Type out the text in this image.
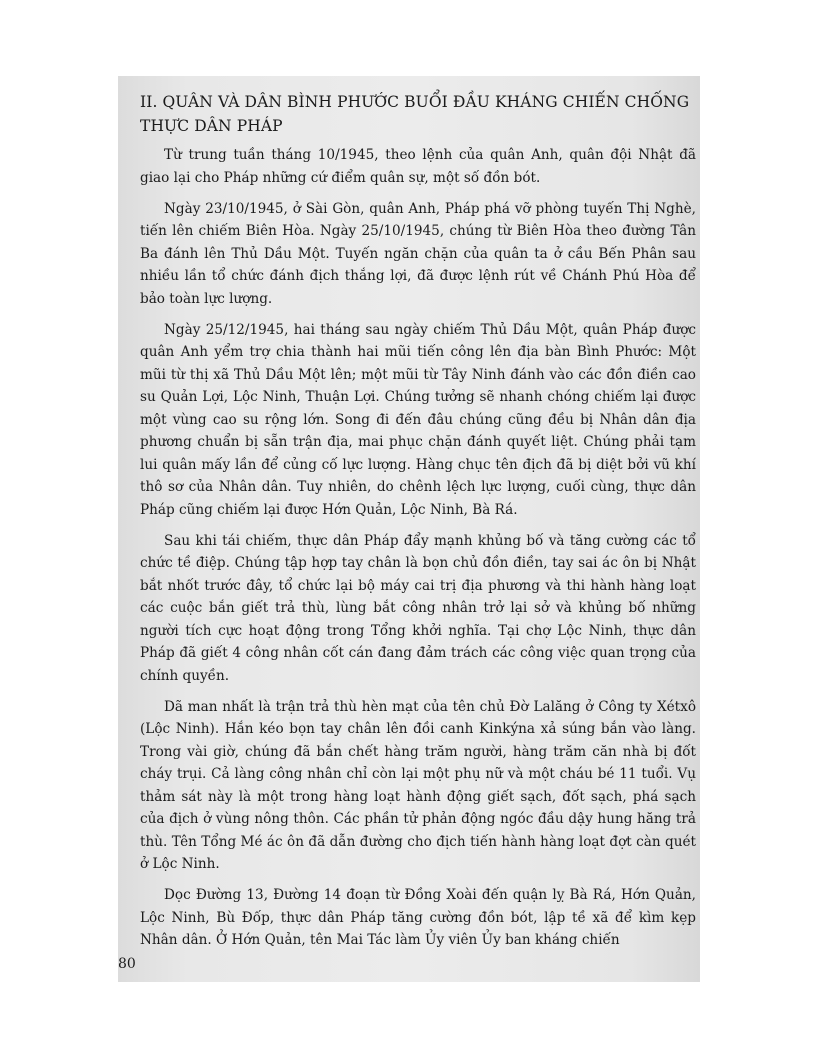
II. QUÂN VÀ DÂN BÌNH PHƯỚC BUỔI ĐẦU KHÁNG CHIẾN CHỐNG THỰC DÂN PHÁP

Từ trung tuần tháng 10/1945, theo lệnh của quân Anh, quân đội Nhật đã giao lại cho Pháp những cứ điểm quân sự, một số đồn bót.

Ngày 23/10/1945, ở Sài Gòn, quân Anh, Pháp phá vỡ phòng tuyến Thị Nghè, tiến lên chiếm Biên Hòa. Ngày 25/10/1945, chúng từ Biên Hòa theo đường Tân Ba đánh lên Thủ Dầu Một. Tuyến ngăn chặn của quân ta ở cầu Bến Phân sau nhiều lần tổ chức đánh địch thắng lợi, đã được lệnh rút về Chánh Phú Hòa để bảo toàn lực lượng.

Ngày 25/12/1945, hai tháng sau ngày chiếm Thủ Dầu Một, quân Pháp được quân Anh yểm trợ chia thành hai mũi tiến công lên địa bàn Bình Phước: Một mũi từ thị xã Thủ Dầu Một lên; một mũi từ Tây Ninh đánh vào các đồn điền cao su Quản Lợi, Lộc Ninh, Thuận Lợi. Chúng tưởng sẽ nhanh chóng chiếm lại được một vùng cao su rộng lớn. Song đi đến đâu chúng cũng đều bị Nhân dân địa phương chuẩn bị sẵn trận địa, mai phục chặn đánh quyết liệt. Chúng phải tạm lui quân mấy lần để củng cố lực lượng. Hàng chục tên địch đã bị diệt bởi vũ khí thô sơ của Nhân dân. Tuy nhiên, do chênh lệch lực lượng, cuối cùng, thực dân Pháp cũng chiếm lại được Hớn Quản, Lộc Ninh, Bà Rá.

Sau khi tái chiếm, thực dân Pháp đẩy mạnh khủng bố và tăng cường các tổ chức tề điệp. Chúng tập hợp tay chân là bọn chủ đồn điền, tay sai ác ôn bị Nhật bắt nhốt trước đây, tổ chức lại bộ máy cai trị địa phương và thi hành hàng loạt các cuộc bắn giết trả thù, lùng bắt công nhân trở lại sở và khủng bố những người tích cực hoạt động trong Tổng khởi nghĩa. Tại chợ Lộc Ninh, thực dân Pháp đã giết 4 công nhân cốt cán đang đảm trách các công việc quan trọng của chính quyền.

Dã man nhất là trận trả thù hèn mạt của tên chủ Đờ Lalăng ở Công ty Xétxô (Lộc Ninh). Hắn kéo bọn tay chân lên đồi canh Kinkýna xả súng bắn vào làng. Trong vài giờ, chúng đã bắn chết hàng trăm người, hàng trăm căn nhà bị đốt cháy trụi. Cả làng công nhân chỉ còn lại một phụ nữ và một cháu bé 11 tuổi. Vụ thảm sát này là một trong hàng loạt hành động giết sạch, đốt sạch, phá sạch của địch ở vùng nông thôn. Các phần tử phản động ngóc đầu dậy hung hăng trả thù. Tên Tổng Mé ác ôn đã dẫn đường cho địch tiến hành hàng loạt đợt càn quét ở Lộc Ninh.

Dọc Đường 13, Đường 14 đoạn từ Đồng Xoài đến quận lỵ Bà Rá, Hớn Quản, Lộc Ninh, Bù Đốp, thực dân Pháp tăng cường đồn bót, lập tề xã để kìm kẹp Nhân dân. Ở Hớn Quản, tên Mai Tác làm Ủy viên Ủy ban kháng chiến

80
